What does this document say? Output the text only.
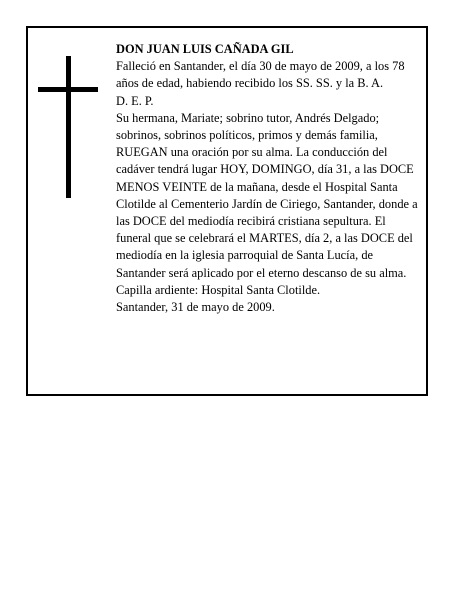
DON JUAN LUIS CAÑADA GIL

Falleció en Santander, el día 30 de mayo de 2009, a los 78 años de edad, habiendo recibido los SS. SS. y la B. A.

D. E. P.

Su hermana, Mariate; sobrino tutor, Andrés Delgado; sobrinos, sobrinos políticos, primos y demás familia, RUEGAN una oración por su alma. La conducción del cadáver tendrá lugar HOY, DOMINGO, día 31, a las DOCE MENOS VEINTE de la mañana, desde el Hospital Santa Clotilde al Cementerio Jardín de Ciriego, Santander, donde a las DOCE del mediodía recibirá cristiana sepultura. El funeral que se celebrará el MARTES, día 2, a las DOCE del mediodía en la iglesia parroquial de Santa Lucía, de Santander será aplicado por el eterno descanso de su alma. Capilla ardiente: Hospital Santa Clotilde.

Santander, 31 de mayo de 2009.
